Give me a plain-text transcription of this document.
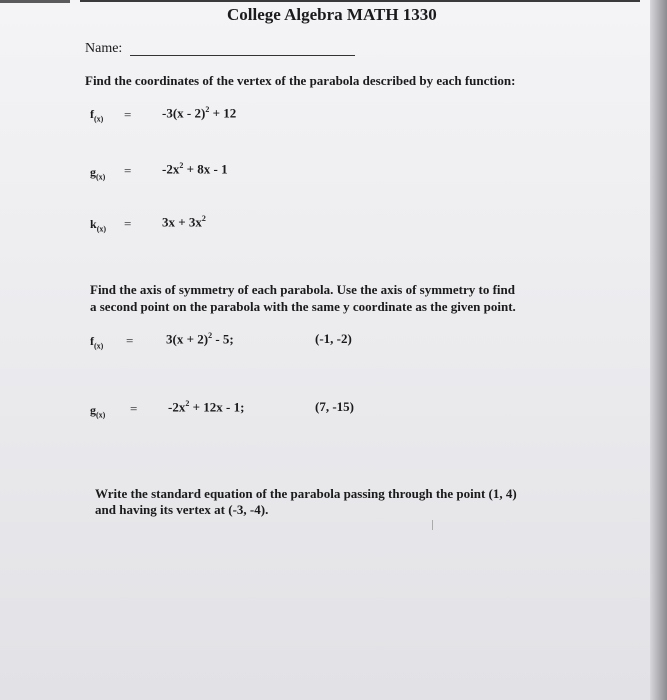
College Algebra MATH 1330
Name:
Find the coordinates of the vertex of the parabola described by each function:
$f_{(x)} = -3(x - 2)^2 + 12$
$g_{(x)} = -2x^2 + 8x - 1$
$k_{(x)} = 3x + 3x^2$
Find the axis of symmetry of each parabola. Use the axis of symmetry to find
a second point on the parabola with the same y coordinate as the given point.
$f_{(x)}$ =	$3(x + 2)^2 - 5$;	(-1, -2)
$g_{(x)} = -2x^2 + 12x - 1$;	(7, -15)
Write the standard equation of the parabola passing through the point (1, 4)
and having its vertex at (-3, -4).
